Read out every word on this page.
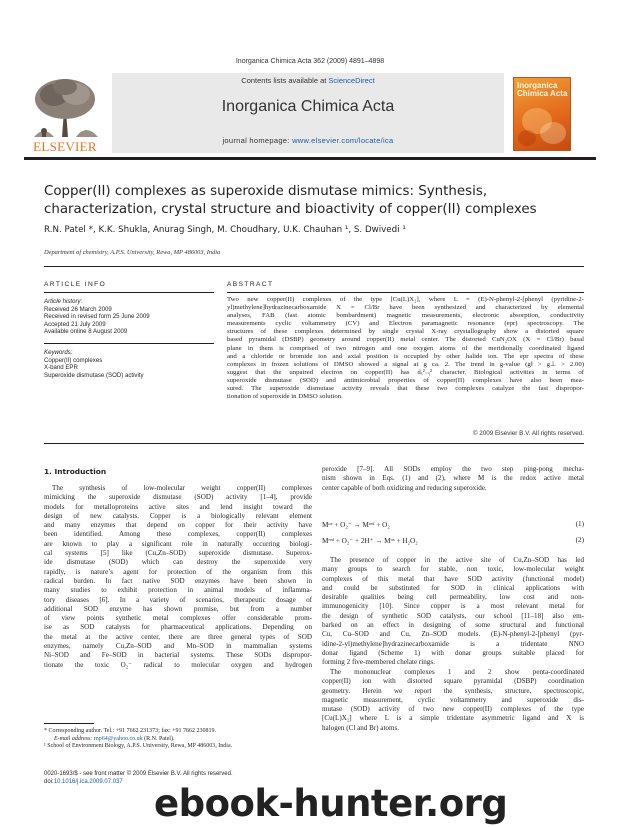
Inorganica Chimica Acta 362 (2009) 4891–4898
ELSEVIER
Contents lists available at ScienceDirect
Inorganica Chimica Acta
journal homepage: www.elsevier.com/locate/ica
Inorganica
Chimica Acta
Copper(II) complexes as superoxide dismutase mimics: Synthesis,
characterization, crystal structure and bioactivity of copper(II) complexes
R.N. Patel *, K.K. Shukla, Anurag Singh, M. Choudhary, U.K. Chauhan ¹, S. Dwivedi ¹
Department of chemistry, A.P.S. University, Rewa, MP 486003, India
ARTICLE INFO
Article history:
Received 26 March 2009
Received in revised form 25 June 2009
Accepted 21 July 2009
Available online 8 August 2009
Keywords:
Copper(II) complexes
X-band EPR
Superoxide dismutase (SOD) activity
ABSTRACT
Two new copper(II) complexes of the type [Cu(L)X₂], where L = (E)-N-phenyl-2-[phenyl (pyridine-2-
yl)methylene]hydrazinecarboxamide X = Cl/Br have been synthesized and characterized by elemental
analyses, FAB (fast atomic bombardment) magnetic measurements, electronic absorption, conductivity
measurements cyclic voltammetry (CV) and Electron paramagnetic resonance (epr) spectroscopy. The
structures of these complexes determined by single crystal X-ray crystallography show a distorted square
based pyramidal (DSBP) geometry around copper(II) metal center. The distorted CuN₂OX (X = Cl/Br) basal
plane in them is comprised of two nitrogen and one oxygen atoms of the meridionally coordinated ligand
and a chloride or bromide ion and axial position is occupied by other halide ion. The epr spectra of these
complexes in frozen solutions of DMSO showed a signal at g ca. 2. The trend in g-value (g‖ > g⊥ > 2.00)
suggest that the unpaired electron on copper(II) has dₓ²₋ᵧ² character. Biological activities in terms of
superoxide dismutase (SOD) and antimicrobial properties of copper(II) complexes have also been mea-
sured. The superoxide dismutase activity reveals that these two complexes catalyze the fast dispropor-
tionation of superoxide in DMSO solution.
© 2009 Elsevier B.V. All rights reserved.
1. Introduction
The synthesis of low-molecular weight copper(II) complexes
mimicking the superoxide dismutase (SOD) activity [1–4], provide
models for metalloproteins active sites and lend insight toward the
design of new catalysts. Copper is a biologically relevant element
and many enzymes that depend on copper for their activity have
been identified. Among these complexes, copper(II) complexes
are known to play a significant role in naturally occurring biologi-
cal systems [5] like (Cu,Zn–SOD) superoxide dismutase. Superox-
ide dismutase (SOD) which can destroy the superoxide very
rapidly, is nature’s agent for protection of the organism from this
radical burden. In fact native SOD enzymes have been shown in
many studies to exhibit protection in animal models of inflamma-
tory diseases [6]. In a variety of scenarios, therapeutic dosage of
additional SOD enzyme has shown promise, but from a number
of view points synthetic metal complexes offer considerable prom-
ise as SOD catalysts for pharmaceutical applications. Depending on
the metal at the active center, there are three general types of SOD
enzymes, namely Cu,Zn–SOD and Mn–SOD in mammalian systems
Ni–SOD and Fe–SOD in bacterial systems. These SODs dispropor-
tionate the toxic O₂⁻ radical to molecular oxygen and hydrogen
peroxide [7–9]. All SODs employ the two step ping-pong mecha-
nism shown in Eqs. (1) and (2), where M is the redox active metal
center capable of both oxidizing and reducing superoxide.
Mᵒˣ + O₂⁻ → Mʳᵉᵈ + O₂	(1)
Mʳᵉᵈ + O₂⁻ + 2H⁺ → Mᵒˣ + H₂O₂	(2)
The presence of copper in the active site of Cu,Zn–SOD has led
many groups to search for stable, non toxic, low-molecular weight
complexes of this metal that have SOD activity (functional model)
and could be substituted for SOD in clinical applications with
desirable qualities being cell permeability, low cost and non-
immunogenicity [10]. Since copper is a most relevant metal for
the design of synthetic SOD catalysts, our school [11–18] also em-
barked on an effect in designing of some structural and functional
Cu, Cu–SOD and Cu, Zn–SOD models. (E)-N-phenyl-2-[phenyl (pyr-
idine-2-yl)methylene]hydrazinecarboxamide is a tridentate NNO
donar ligand (Scheme 1) with donar groups suitable placed for
forming 2 five-membered chelate rings.
The mononuclear complexes 1 and 2 show penta-coordinated
copper(II) ion with distorted square pyramidal (DSBP) coordination
geometry. Herein we report the synthesis, structure, spectroscopic,
magnetic measurement, cyclic voltammetry and superoxide dis-
mutase (SOD) activity of two new copper(II) complexes of the type
[Cu(L)X₂] where L is a simple tridentate asymmetric ligand and X is
halogen (Cl and Br) atoms.
* Corresponding author. Tel.: +91 7662 231373; fax: +91 7662 230819.
E-mail address: rnp64@yahoo.co.uk (R.N. Patel).
¹ School of Environment Biology, A.P.S. University, Rewa, MP 486003, India.
0020-1693/$ - see front matter © 2009 Elsevier B.V. All rights reserved.
doi:10.1016/j.ica.2009.07.037 ebook-hunter.org
